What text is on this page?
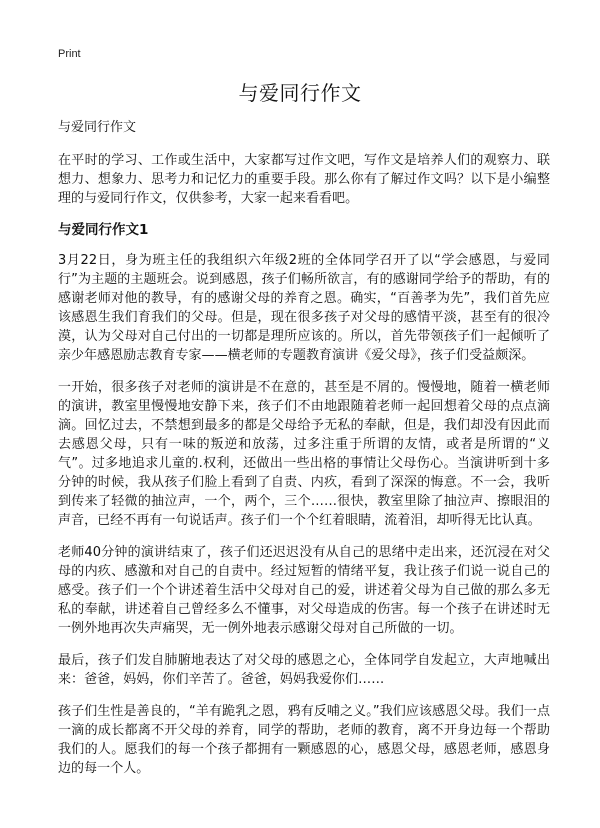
Print
与爱同行作文
与爱同行作文

在平时的学习、工作或生活中，大家都写过作文吧，写作文是培养人们的观察力、联想力、想象力、思考力和记忆力的重要手段。那么你有了解过作文吗？以下是小编整理的与爱同行作文，仅供参考，大家一起来看看吧。

与爱同行作文1

3月22日，身为班主任的我组织六年级2班的全体同学召开了以“学会感恩，与爱同行”为主题的主题班会。说到感恩，孩子们畅所欲言，有的感谢同学给予的帮助，有的感谢老师对他的教导，有的感谢父母的养育之恩。确实，“百善孝为先”，我们首先应该感恩生我们育我们的父母。但是，现在很多孩子对父母的感情平淡，甚至有的很冷漠，认为父母对自己付出的一切都是理所应该的。所以，首先带领孩子们一起倾听了亲少年感恩励志教育专家——横老师的专题教育演讲《爱父母》，孩子们受益颇深。

一开始，很多孩子对老师的演讲是不在意的，甚至是不屑的。慢慢地，随着一横老师的演讲，教室里慢慢地安静下来，孩子们不由地跟随着老师一起回想着父母的点点滴滴。回忆过去，不禁想到最多的都是父母给予无私的奉献，但是，我们却没有因此而去感恩父母，只有一味的叛逆和放荡，过多注重于所谓的友情，或者是所谓的“义气”。过多地追求儿童的.权利，还做出一些出格的事情让父母伤心。当演讲听到十多分钟的时候，我从孩子们脸上看到了自责、内疚，看到了深深的悔意。不一会，我听到传来了轻微的抽泣声，一个，两个，三个……很快，教室里除了抽泣声、擦眼泪的声音，已经不再有一句说话声。孩子们一个个红着眼睛，流着泪，却听得无比认真。

老师40分钟的演讲结束了，孩子们还迟迟没有从自己的思绪中走出来，还沉浸在对父母的内疚、感激和对自己的自责中。经过短暂的情绪平复，我让孩子们说一说自己的感受。孩子们一个个讲述着生活中父母对自己的爱，讲述着父母为自己做的那么多无私的奉献，讲述着自己曾经多么不懂事，对父母造成的伤害。每一个孩子在讲述时无一例外地再次失声痛哭，无一例外地表示感谢父母对自己所做的一切。

最后，孩子们发自肺腑地表达了对父母的感恩之心，全体同学自发起立，大声地喊出来：爸爸，妈妈，你们辛苦了。爸爸，妈妈我爱你们……

孩子们生性是善良的，“羊有跪乳之恩，鸦有反哺之义。”我们应该感恩父母。我们一点一滴的成长都离不开父母的养育，同学的帮助，老师的教育，离不开身边每一个帮助我们的人。愿我们的每一个孩子都拥有一颗感恩的心，感恩父母，感恩老师，感恩身边的每一个人。
